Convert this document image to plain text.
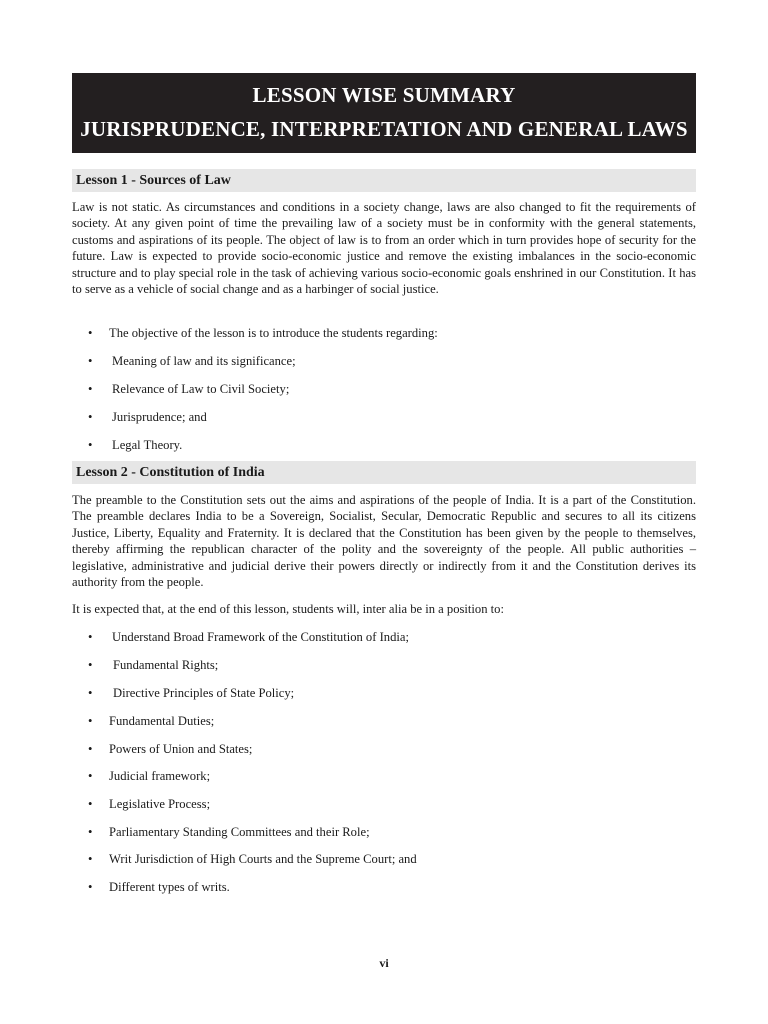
LESSON WISE SUMMARY
JURISPRUDENCE, INTERPRETATION AND GENERAL LAWS
Lesson 1 - Sources of Law
Law is not static. As circumstances and conditions in a society change, laws are also changed to fit the requirements of society. At any given point of time the prevailing law of a society must be in conformity with the general statements, customs and aspirations of its people. The object of law is to from an order which in turn provides hope of security for the future. Law is expected to provide socio-economic justice and remove the existing imbalances in the socio-economic structure and to play special role in the task of achieving various socio-economic goals enshrined in our Constitution. It has to serve as a vehicle of social change and as a harbinger of social justice.
• The objective of the lesson is to introduce the students regarding:
• Meaning of law and its significance;
• Relevance of Law to Civil Society;
• Jurisprudence; and
• Legal Theory.
Lesson 2 - Constitution of India
The preamble to the Constitution sets out the aims and aspirations of the people of India. It is a part of the Constitution. The preamble declares India to be a Sovereign, Socialist, Secular, Democratic Republic and secures to all its citizens Justice, Liberty, Equality and Fraternity. It is declared that the Constitution has been given by the people to themselves, thereby affirming the republican character of the polity and the sovereignty of the people. All public authorities – legislative, administrative and judicial derive their powers directly or indirectly from it and the Constitution derives its authority from the people.
It is expected that, at the end of this lesson, students will, inter alia be in a position to:
• Understand Broad Framework of the Constitution of India;
• Fundamental Rights;
• Directive Principles of State Policy;
• Fundamental Duties;
• Powers of Union and States;
• Judicial framework;
• Legislative Process;
• Parliamentary Standing Committees and their Role;
• Writ Jurisdiction of High Courts and the Supreme Court; and
• Different types of writs.
vi
